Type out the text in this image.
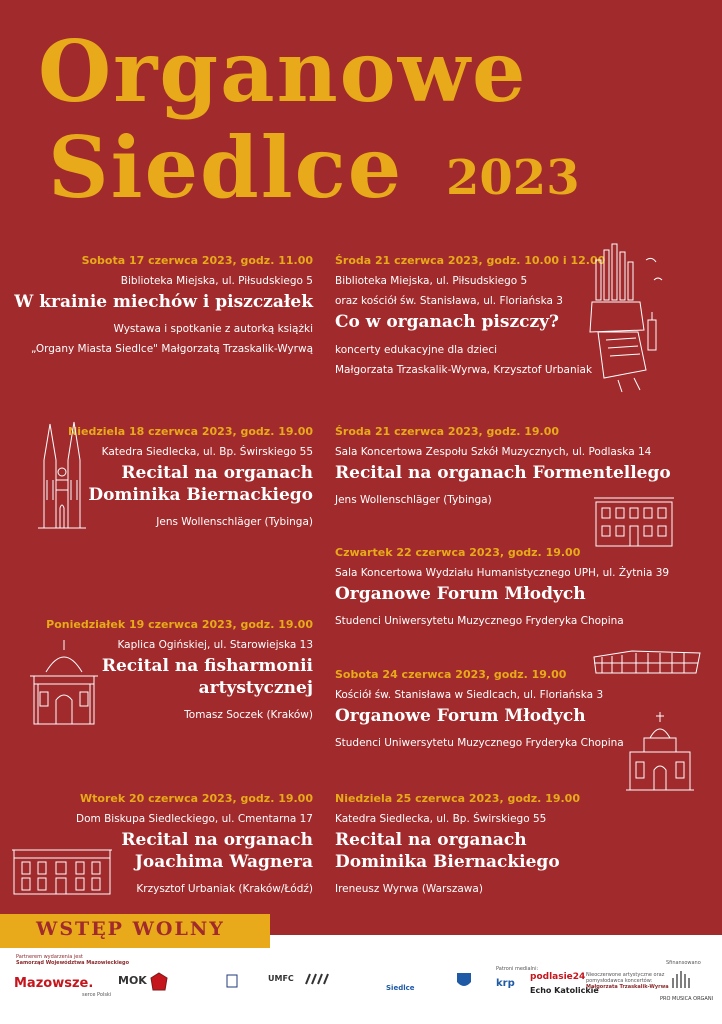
Organowe
Siedlce 2023
Sobota 17 czerwca 2023, godz. 11.00
Biblioteka Miejska, ul. Piłsudskiego 5
W krainie miechów i piszczałek
Wystawa i spotkanie z autorką książki
„Organy Miasta Siedlce" Małgorzatą Trzaskalik-Wyrwą
Niedziela 18 czerwca 2023, godz. 19.00
Katedra Siedlecka, ul. Bp. Świrskiego 55
Recital na organach
Dominika Biernackiego
Jens Wollenschläger (Tybinga)
Poniedziałek 19 czerwca 2023, godz. 19.00
Kaplica Ogińskiej, ul. Starowiejska 13
Recital na fisharmonii
artystycznej
Tomasz Soczek (Kraków)
Wtorek 20 czerwca 2023, godz. 19.00
Dom Biskupa Siedleckiego, ul. Cmentarna 17
Recital na organach
Joachima Wagnera
Krzysztof Urbaniak (Kraków/Łódź)
Środa 21 czerwca 2023, godz. 10.00 i 12.00
Biblioteka Miejska, ul. Piłsudskiego 5
oraz kościół św. Stanisława, ul. Floriańska 3
Co w organach piszczy?
koncerty edukacyjne dla dzieci
Małgorzata Trzaskalik-Wyrwa, Krzysztof Urbaniak
Środa 21 czerwca 2023, godz. 19.00
Sala Koncertowa Zespołu Szkół Muzycznych, ul. Podlaska 14
Recital na organach Formentellego
Jens Wollenschläger (Tybinga)
Czwartek 22 czerwca 2023, godz. 19.00
Sala Koncertowa Wydziału Humanistycznego UPH, ul. Żytnia 39
Organowe Forum Młodych
Studenci Uniwersytetu Muzycznego Fryderyka Chopina
Sobota 24 czerwca 2023, godz. 19.00
Kościół św. Stanisława w Siedlcach, ul. Floriańska 3
Organowe Forum Młodych
Studenci Uniwersytetu Muzycznego Fryderyka Chopina
Niedziela 25 czerwca 2023, godz. 19.00
Katedra Siedlecka, ul. Bp. Świrskiego 55
Recital na organach
Dominika Biernackiego
Ireneusz Wyrwa (Warszawa)
WSTĘP WOLNY
Partnerem wydarzenia jest
Samorząd Województwa Mazowieckiego
Mazowsze.
serce Polski
MOK	UMFC
Siedlce
Patroni medialni:
krp
podlasie24
Echo Katolickie
Nieoczerwone artystyczne oraz
pomysłodawca koncertów:
Małgorzata Trzaskalik-Wyrwa
Sfinansowano
PRO MUSICA ORGANI
